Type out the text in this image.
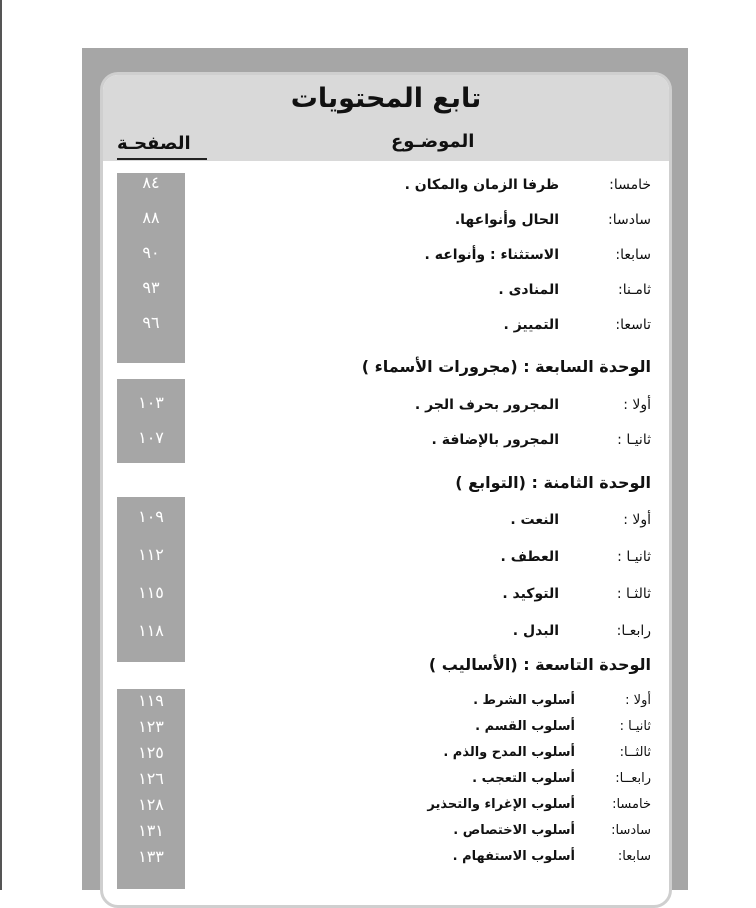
تابع المحتويات
الموضـوع
الصفحـة
٨٤
٨٨
٩٠
٩٣
٩٦
خامسا:
ظرفا الزمان والمكان .
سادسا:
الحال وأنواعها.
سابعا:
الاستثناء : وأنواعه .
ثامـنا:
المنادى .
تاسعا:
التمييز .
الوحدة السابعة : (مجرورات الأسماء )
١٠٣
١٠٧
أولا :
المجرور بحرف الجر .
ثانيـا :
المجرور بالإضافة .
الوحدة الثامنة : (التوابع )
١٠٩
١١٢
١١٥
١١٨
أولا :
النعت .
ثانيـا :
العطف .
ثالثـا :
التوكيد .
رابعـا:
البدل .
الوحدة التاسعة : (الأساليب )
١١٩
١٢٣
١٢٥
١٢٦
١٢٨
١٣١
١٣٣
أولا :
أسلوب الشرط .
ثانيـا :
أسلوب القسم .
ثالثــا:
أسلوب المدح والذم .
رابعــا:
أسلوب التعجب .
خامسا:
أسلوب الإغراء والتحذير
سادسا:
أسلوب الاختصاص .
سابعا:
أسلوب الاستفهام .
